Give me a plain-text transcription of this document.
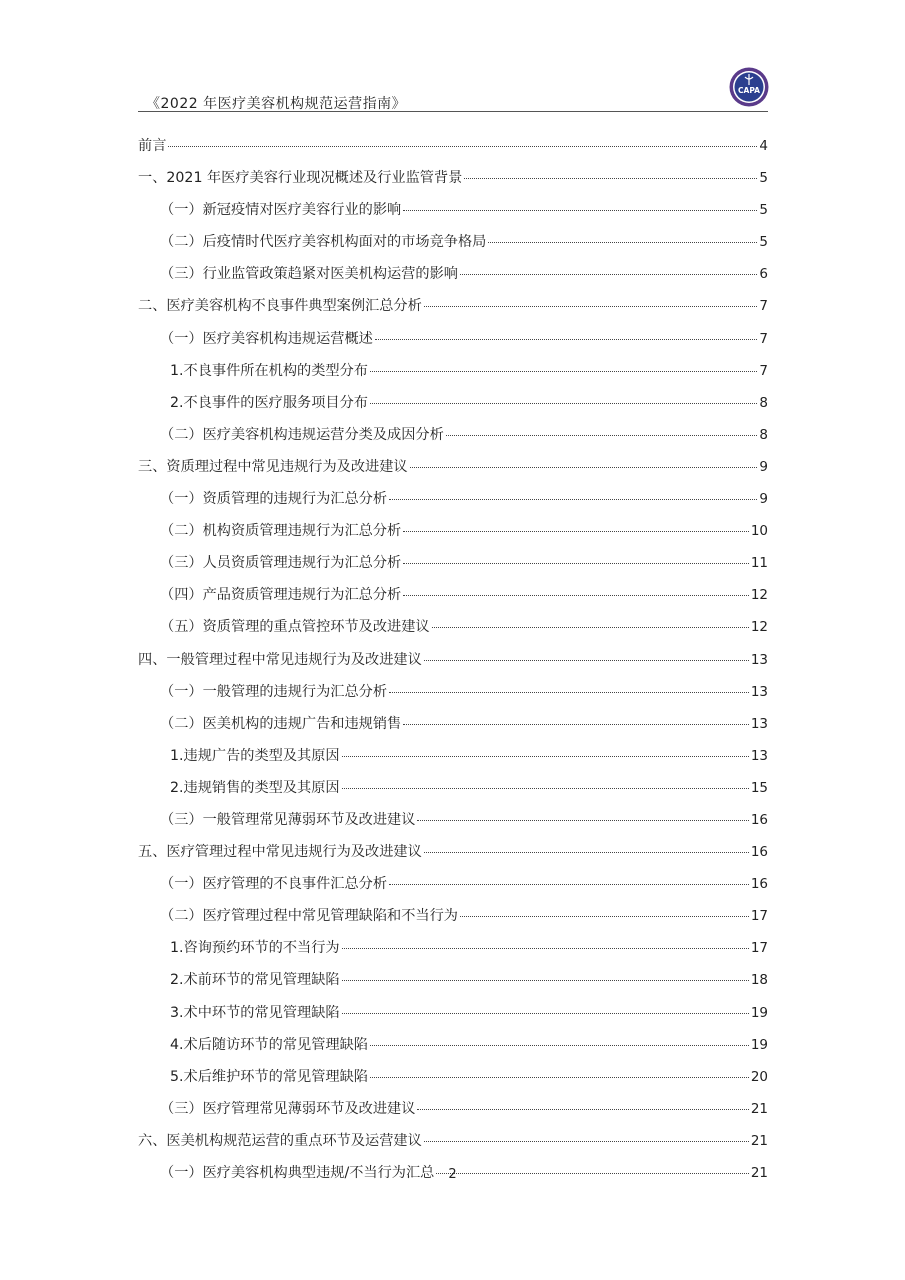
《2022 年医疗美容机构规范运营指南》
CAPA
前言	4
一、2021 年医疗美容行业现况概述及行业监管背景	5
（一）新冠疫情对医疗美容行业的影响	5
（二）后疫情时代医疗美容机构面对的市场竞争格局	5
（三）行业监管政策趋紧对医美机构运营的影响	6
二、医疗美容机构不良事件典型案例汇总分析	7
（一）医疗美容机构违规运营概述	7
1.不良事件所在机构的类型分布	7
2.不良事件的医疗服务项目分布	8
（二）医疗美容机构违规运营分类及成因分析	8
三、资质理过程中常见违规行为及改进建议	9
（一）资质管理的违规行为汇总分析	9
（二）机构资质管理违规行为汇总分析	10
（三）人员资质管理违规行为汇总分析	11
（四）产品资质管理违规行为汇总分析	12
（五）资质管理的重点管控环节及改进建议	12
四、一般管理过程中常见违规行为及改进建议	13
（一）一般管理的违规行为汇总分析	13
（二）医美机构的违规广告和违规销售	13
1.违规广告的类型及其原因	13
2.违规销售的类型及其原因	15
（三）一般管理常见薄弱环节及改进建议	16
五、医疗管理过程中常见违规行为及改进建议	16
（一）医疗管理的不良事件汇总分析	16
（二）医疗管理过程中常见管理缺陷和不当行为	17
1.咨询预约环节的不当行为	17
2.术前环节的常见管理缺陷	18
3.术中环节的常见管理缺陷	19
4.术后随访环节的常见管理缺陷	19
5.术后维护环节的常见管理缺陷	20
（三）医疗管理常见薄弱环节及改进建议	21
六、医美机构规范运营的重点环节及运营建议	21
（一）医疗美容机构典型违规/不当行为汇总	21
2
